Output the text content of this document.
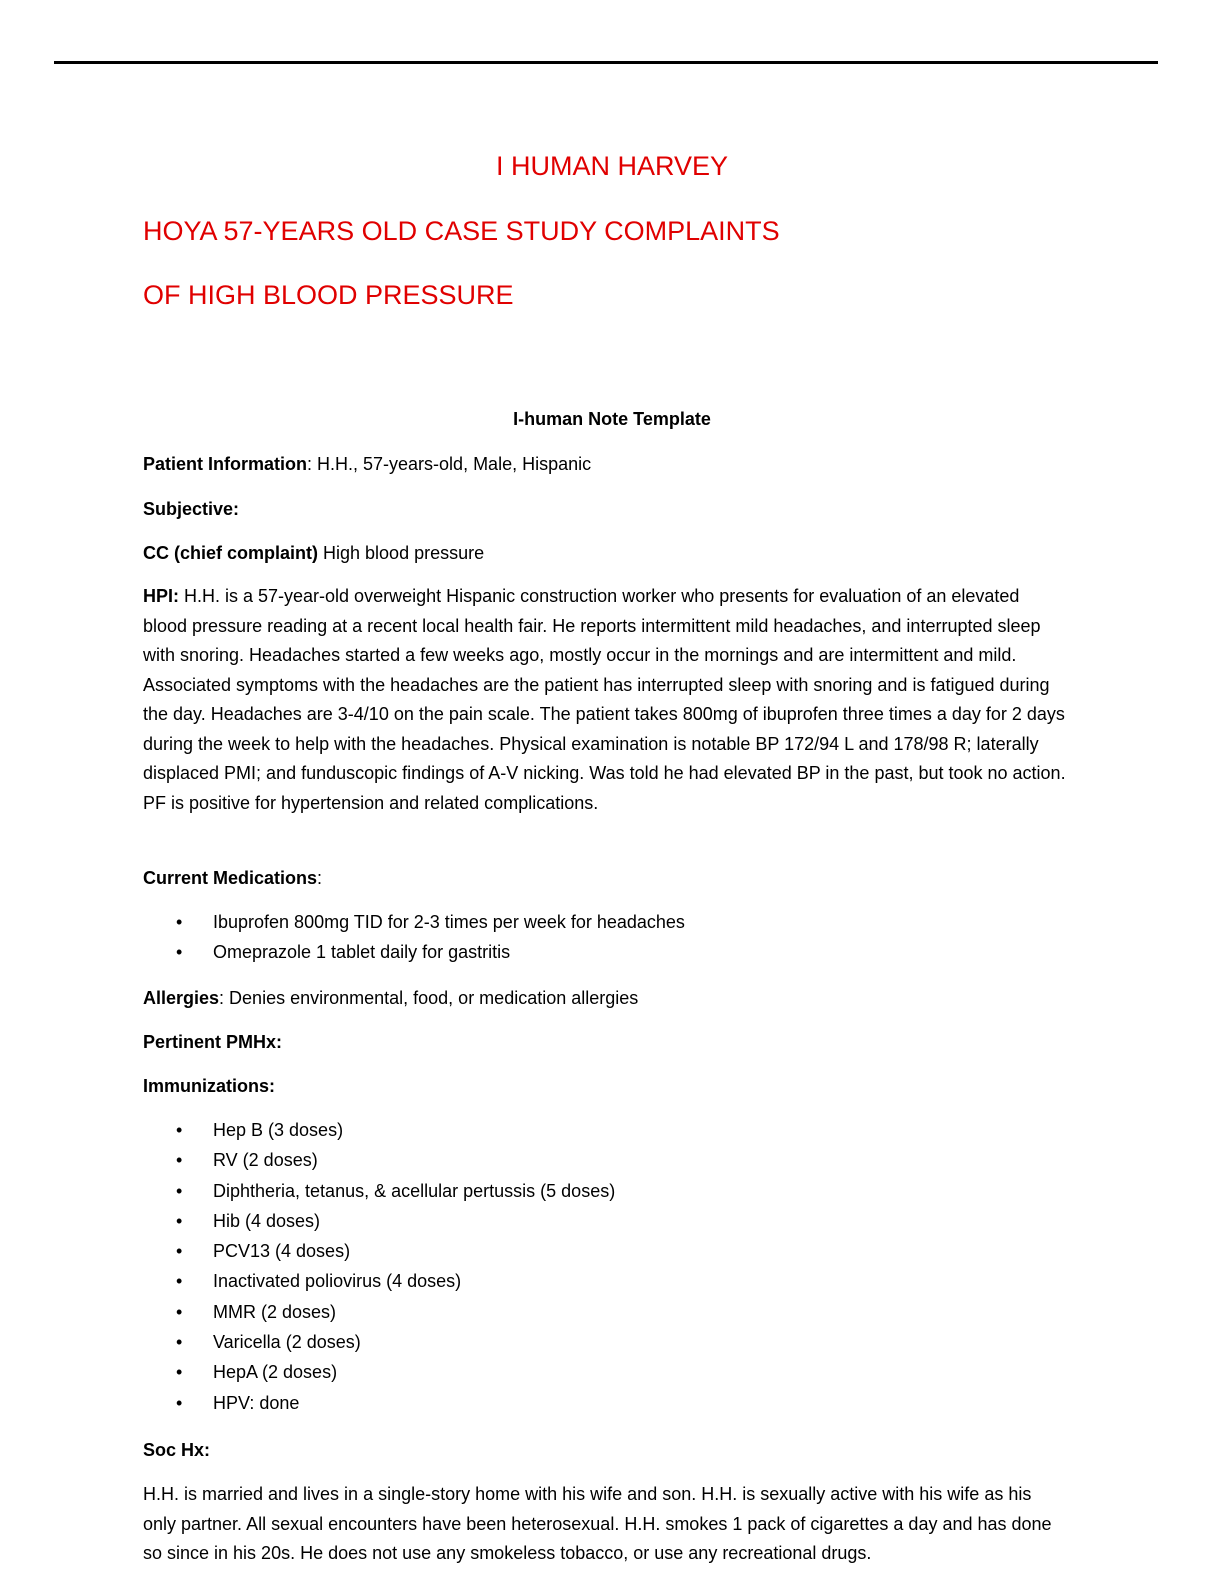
I HUMAN HARVEY
HOYA 57-YEARS OLD CASE STUDY COMPLAINTS
OF HIGH BLOOD PRESSURE
I-human Note Template

Patient Information: H.H., 57-years-old, Male, Hispanic

Subjective:

CC (chief complaint) High blood pressure

HPI: H.H. is a 57-year-old overweight Hispanic construction worker who presents for evaluation of an elevated blood pressure reading at a recent local health fair. He reports intermittent mild headaches, and interrupted sleep with snoring. Headaches started a few weeks ago, mostly occur in the mornings and are intermittent and mild. Associated symptoms with the headaches are the patient has interrupted sleep with snoring and is fatigued during the day. Headaches are 3-4/10 on the pain scale. The patient takes 800mg of ibuprofen three times a day for 2 days during the week to help with the headaches. Physical examination is notable BP 172/94 L and 178/98 R; laterally displaced PMI; and funduscopic findings of A-V nicking. Was told he had elevated BP in the past, but took no action. PF is positive for hypertension and related complications.

Current Medications:

• Ibuprofen 800mg TID for 2-3 times per week for headaches
• Omeprazole 1 tablet daily for gastritis

Allergies: Denies environmental, food, or medication allergies

Pertinent PMHx:

Immunizations:

• Hep B (3 doses)
• RV (2 doses)
• Diphtheria, tetanus, & acellular pertussis (5 doses)
• Hib (4 doses)
• PCV13 (4 doses)
• Inactivated poliovirus (4 doses)
• MMR (2 doses)
• Varicella (2 doses)
• HepA (2 doses)
• HPV: done

Soc Hx:

H.H. is married and lives in a single-story home with his wife and son. H.H. is sexually active with his wife as his only partner. All sexual encounters have been heterosexual. H.H. smokes 1 pack of cigarettes a day and has done so since in his 20s. He does not use any smokeless tobacco, or use any recreational drugs.
